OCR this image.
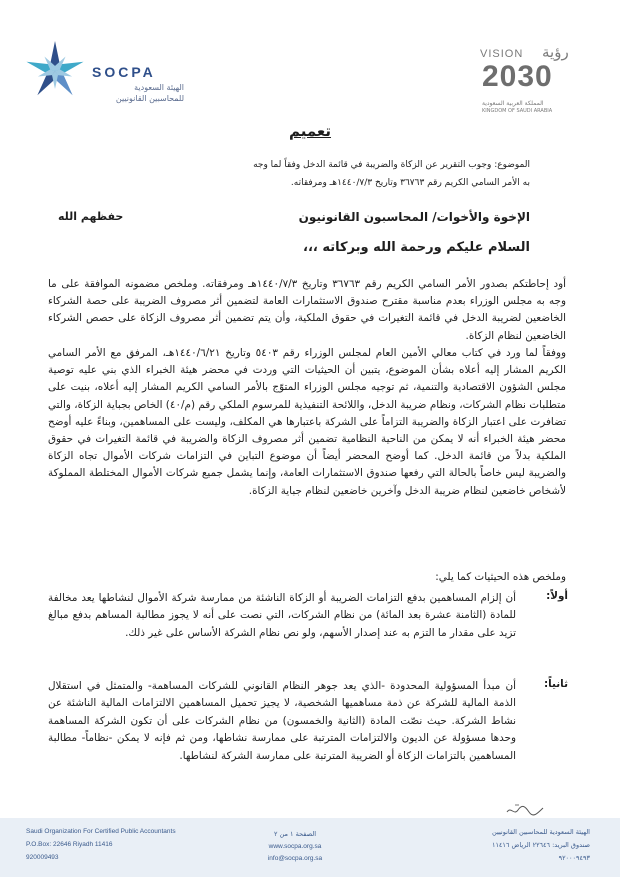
SOCPA
الهيئة السعودية
للمحاسبين القانونيين
VISION رؤية
2030
المملكة العربية السعودية
KINGDOM OF SAUDI ARABIA
تعميم
الموضوع: وجوب التقرير عن الزكاة والضريبة في قائمة الدخل وفقاً لما وجه
به الأمر السامي الكريم رقم ٣٦٧٦٣ وتاريخ ١٤٤٠/٧/٣هـ ومرفقاته.
الإخوة والأخوات/ المحاسبون القانونيون
حفظهم الله
السلام عليكم ورحمة الله وبركاته ،،،
أود إحاطتكم بصدور الأمر السامي الكريم رقم ٣٦٧٦٣ وتاريخ ١٤٤٠/٧/٣هـ ومرفقاته. وملخص مضمونه الموافقة على ما وجه به مجلس الوزراء بعدم مناسبة مقترح صندوق الاستثمارات العامة لتضمين أثر مصروف الضريبة على حصة الشركاء الخاضعين لضريبة الدخل في قائمة التغيرات في حقوق الملكية، وأن يتم تضمين أثر مصروف الزكاة على حصص الشركاء الخاضعين لنظام الزكاة.
ووفقاً لما ورد في كتاب معالي الأمين العام لمجلس الوزراء رقم ٥٤٠٣ وتاريخ ١٤٤٠/٦/٢١هـ، المرفق مع الأمر السامي الكريم المشار إليه أعلاه بشأن الموضوع، يتبين أن الحيثيات التي وردت في محضر هيئة الخبراء الذي بني عليه توصية مجلس الشؤون الاقتصادية والتنمية، ثم توجيه مجلس الوزراء المتوّج بالأمر السامي الكريم المشار إليه أعلاه، بنيت على متطلبات نظام الشركات، ونظام ضريبة الدخل، واللائحة التنفيذية للمرسوم الملكي رقم (م/٤٠) الخاص بجباية الزكاة، والتي تضافرت على اعتبار الزكاة والضريبة التزاماً على الشركة باعتبارها هي المكلف، وليست على المساهمين، وبناءً عليه أوضح محضر هيئة الخبراء أنه لا يمكن من الناحية النظامية تضمين أثر مصروف الزكاة والضريبة في قائمة التغيرات في حقوق الملكية بدلاً من قائمة الدخل. كما أوضح المحضر أيضاً أن موضوع التباين في التزامات شركات الأموال تجاه الزكاة والضريبة ليس خاصاً بالحالة التي رفعها صندوق الاستثمارات العامة، وإنما يشمل جميع شركات الأموال المختلطة المملوكة لأشخاص خاضعين لنظام ضريبة الدخل وآخرين خاضعين لنظام جباية الزكاة.
وملخص هذه الحيثيات كما يلي:
أولاً:
أن إلزام المساهمين بدفع التزامات الضريبة أو الزكاة الناشئة من ممارسة شركة الأموال لنشاطها يعد مخالفة للمادة (الثامنة عشرة بعد المائة) من نظام الشركات، التي نصت على أنه لا يجوز مطالبة المساهم بدفع مبالغ تزيد على مقدار ما التزم به عند إصدار الأسهم، ولو نص نظام الشركة الأساس على غير ذلك.
ثانياً:
أن مبدأ المسؤولية المحدودة -الذي يعد جوهر النظام القانوني للشركات المساهمة- والمتمثل في استقلال الذمة المالية للشركة عن ذمة مساهميها الشخصية، لا يجيز تحميل المساهمين الالتزامات المالية الناشئة عن نشاط الشركة. حيث نصّت المادة (الثانية والخمسون) من نظام الشركات على أن تكون الشركة المساهمة وحدها مسؤولة عن الديون والالتزامات المترتبة على ممارسة نشاطها، ومن ثم فإنه لا يمكن -نظاماً- مطالبة المساهمين بالتزامات الزكاة أو الضريبة المترتبة على ممارسة الشركة لنشاطها.
Saudi Organization For Certified Public Accountants
P.O.Box: 22646 Riyadh 11416
920009493
الصفحة ١ من ٢
www.socpa.org.sa
info@socpa.org.sa
الهيئة السعودية للمحاسبين القانونيين
صندوق البريد: ٢٢٦٤٦ الرياض ١١٤١٦
٩٢٠٠٠٩٤٩٣
